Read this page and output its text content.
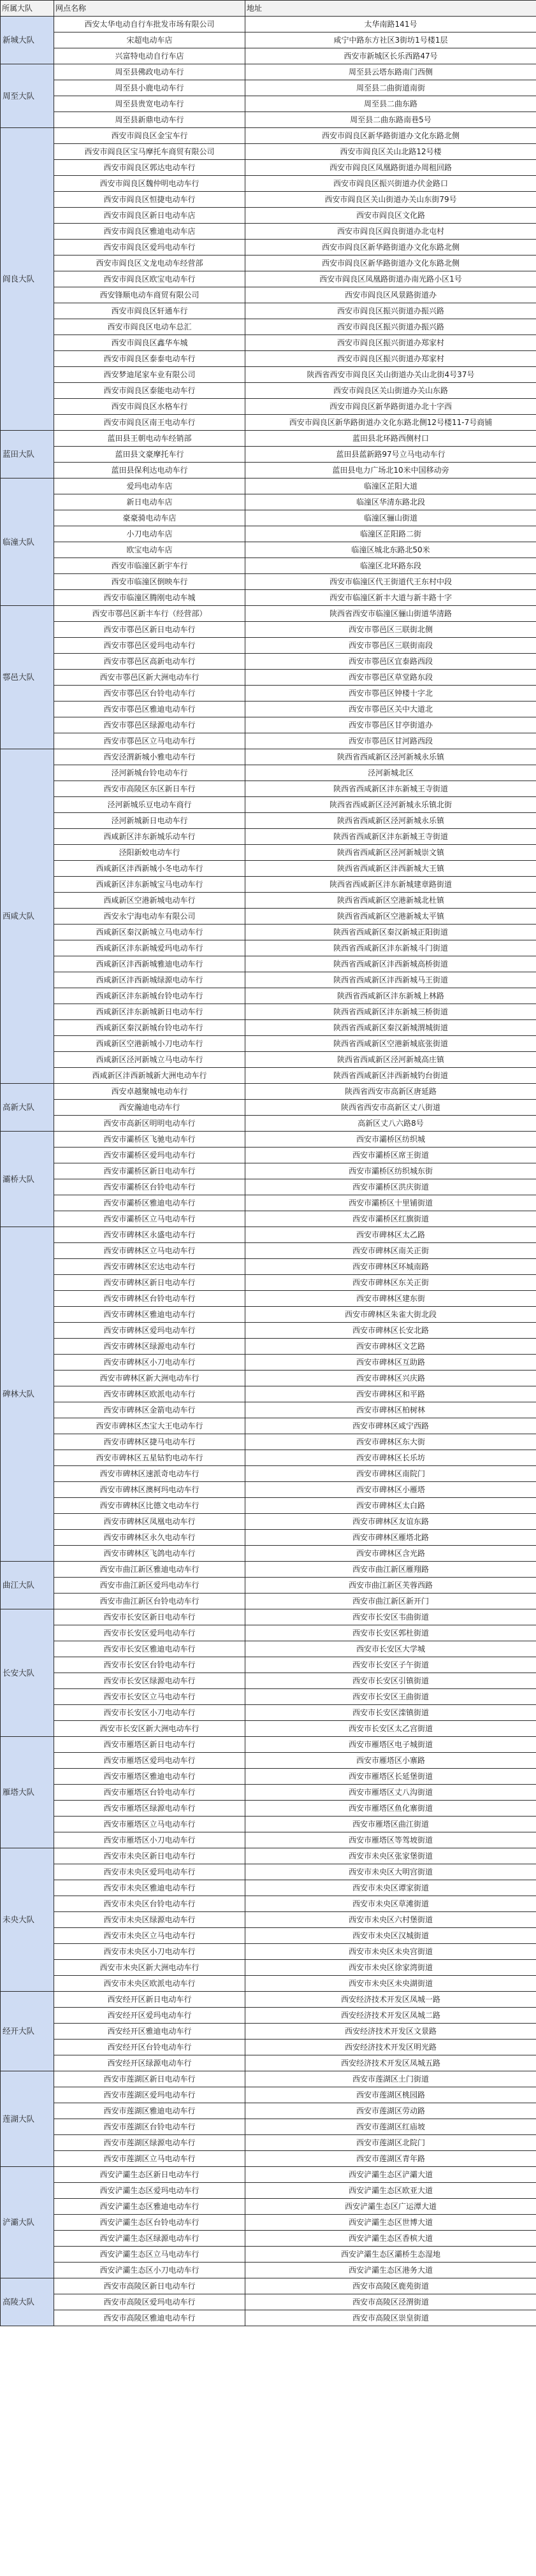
所属大队	网点名称	地址
新城大队	西安太华电动自行车批发市场有限公司	太华南路141号
	宋超电动车店	咸宁中路东方社区3街坊1号楼1层
	兴富特电动自行车店	西安市新城区长乐西路47号
周至大队	周至县佛政电动车行	周至县云塔东路南门西侧
	周至县小鹿电动车行	周至县二曲街道南街
	周至县贵宽电动车行	周至县二曲东路
	周至县新鼎电动车行	周至县二曲东路南巷5号
阎良大队	西安市阎良区金宝车行	西安市阎良区新华路街道办文化东路北侧
	西安市阎良区宝马摩托车商贸有限公司	西安市阎良区关山北路12号楼
	西安市阎良区郭达电动车行	西安市阎良区凤凰路街道办周租回路
	西安市阎良区魏仲明电动车行	西安市阎良区振兴街道办伏金路口
	西安市阎良区恒捷电动车行	西安市阎良区关山街道办关山东街79号
	西安市阎良区新日电动车店	西安市阎良区文化路
	西安市阎良区雅迪电动车店	西安市阎良区阎良街道办北屯村
	西安市阎良区爱玛电动车行	西安市阎良区新华路街道办文化东路北侧
	西安市阎良区文龙电动车经营部	西安市阎良区新华路街道办文化东路北侧
	西安市阎良区欧宝电动车行	西安市阎良区凤凰路街道办南光路小区1号
	西安锋顺电动车商贸有限公司	西安市阎良区风景路街道办
	西安市阎良区轩通车行	西安市阎良区振兴街道办振兴路
	西安市阎良区电动车总汇	西安市阎良区振兴街道办振兴路
	西安市阎良区鑫华车城	西安市阎良区振兴街道办郑家村
	西安市阎良区泰泰电动车行	西安市阎良区振兴街道办郑家村
	西安梦迪尾家车业有限公司	陕西省西安市阎良区关山街道办关山北街4号37号
	西安市阎良区泰能电动车行	西安市阎良区关山街道办关山东路
	西安市阎良区水格车行	西安市阎良区新华路街道办北十字西
	西安市阎良区南王电动车行	西安市阎良区新华路街道办文化东路北侧12号楼11-7号商铺
蓝田大队	蓝田县王朝电动车经销部	蓝田县北环路西侧村口
	蓝田县文豪摩托车行	蓝田县蓝新路97号立马电动车行
	蓝田县保利达电动车行	蓝田县电力广场北10米中国移动旁
临潼大队	爱玛电动车店	临潼区芷阳大道
	新日电动车店	临潼区华清东路北段
	豪豪骑电动车店	临潼区骊山街道
	小刀电动车店	临潼区芷阳路二街
	欧宝电动车店	临潼区城北东路北50米
	西安市临潼区新宇车行	临潼区北环路东段
	西安市临潼区倒映车行	西安市临潼区代王街道代王东村中段
	西安市临潼区腾刚电动车城	西安市临潼区新丰大道与新丰路十字
鄠邑大队	西安市鄠邑区新丰车行（经营部）	陕西省西安市临潼区骊山街道华清路
	西安市鄠邑区新日电动车行	西安市鄠邑区三联街北侧
	西安市鄠邑区爱玛电动车行	西安市鄠邑区三联街南段
	西安市鄠邑区高新电动车行	西安市鄠邑区宜泰路西段
	西安市鄠邑区新大洲电动车行	西安市鄠邑区草堂路东段
	西安市鄠邑区台铃电动车行	西安市鄠邑区钟楼十字北
	西安市鄠邑区雅迪电动车行	西安市鄠邑区关中大道北
	西安市鄠邑区绿源电动车行	西安市鄠邑区甘亭街道办
	西安市鄠邑区立马电动车行	西安市鄠邑区甘河路西段
西咸大队	西安泾渭新城小雅电动车行	陕西省西咸新区泾河新城永乐镇
	泾河新城台铃电动车行	泾河新城北区
	西安市高陵区东区新日车行	陕西省西咸新区沣东新城王寺街道
	泾河新城乐豆电动车商行	陕西省西咸新区泾河新城永乐镇北街
	泾河新城新日电动车行	陕西省西咸新区泾河新城永乐镇
	西咸新区沣东新城乐动车行	陕西省西咸新区沣东新城王寺街道
	泾阳新蛟电动车行	陕西省西咸新区泾河新城崇文镇
	西咸新区沣西新城小冬电动车行	陕西省西咸新区沣西新城大王镇
	西咸新区沣东新城宝马电动车行	陕西省西咸新区沣东新城建章路街道
	西咸新区空港新城电动车行	陕西省西咸新区空港新城北杜镇
	西安永宁海电动车有限公司	陕西省西咸新区空港新城太平镇
	西咸新区秦汉新城立马电动车行	陕西省西咸新区秦汉新城正阳街道
	西咸新区沣东新城爱玛电动车行	陕西省西咸新区沣东新城斗门街道
	西咸新区沣西新城雅迪电动车行	陕西省西咸新区沣西新城高桥街道
	西咸新区沣西新城绿源电动车行	陕西省西咸新区沣西新城马王街道
	西咸新区沣东新城台铃电动车行	陕西省西咸新区沣东新城上林路
	西咸新区沣东新城新日电动车行	陕西省西咸新区沣东新城三桥街道
	西咸新区秦汉新城台铃电动车行	陕西省西咸新区秦汉新城渭城街道
	西咸新区空港新城小刀电动车行	陕西省西咸新区空港新城底张街道
	西咸新区泾河新城立马电动车行	陕西省西咸新区泾河新城高庄镇
	西咸新区沣西新城新大洲电动车行	陕西省西咸新区沣西新城钓台街道
高新大队	西安卓越聚城电动车行	陕西省西安市高新区唐延路
	西安瀚迪电动车行	陕西省西安市高新区丈八街道
	西安市高新区明明电动车行	高新区丈八六路8号
灞桥大队	西安市灞桥区飞驰电动车行	西安市灞桥区纺织城
	西安市灞桥区爱玛电动车行	西安市灞桥区席王街道
	西安市灞桥区新日电动车行	西安市灞桥区纺织城东街
	西安市灞桥区台铃电动车行	西安市灞桥区洪庆街道
	西安市灞桥区雅迪电动车行	西安市灞桥区十里铺街道
	西安市灞桥区立马电动车行	西安市灞桥区红旗街道
碑林大队	西安市碑林区永盛电动车行	西安市碑林区太乙路
	西安市碑林区立马电动车行	西安市碑林区南关正街
	西安市碑林区宏达电动车行	西安市碑林区环城南路
	西安市碑林区新日电动车行	西安市碑林区东关正街
	西安市碑林区台铃电动车行	西安市碑林区建东街
	西安市碑林区雅迪电动车行	西安市碑林区朱雀大街北段
	西安市碑林区爱玛电动车行	西安市碑林区长安北路
	西安市碑林区绿源电动车行	西安市碑林区文艺路
	西安市碑林区小刀电动车行	西安市碑林区互助路
	西安市碑林区新大洲电动车行	西安市碑林区兴庆路
	西安市碑林区欧派电动车行	西安市碑林区和平路
	西安市碑林区金箭电动车行	西安市碑林区柏树林
	西安市碑林区杰宝大王电动车行	西安市碑林区咸宁西路
	西安市碑林区捷马电动车行	西安市碑林区东大街
	西安市碑林区五星钻豹电动车行	西安市碑林区长乐坊
	西安市碑林区速派奇电动车行	西安市碑林区南院门
	西安市碑林区澳柯玛电动车行	西安市碑林区小雁塔
	西安市碑林区比德文电动车行	西安市碑林区太白路
	西安市碑林区凤凰电动车行	西安市碑林区友谊东路
	西安市碑林区永久电动车行	西安市碑林区雁塔北路
	西安市碑林区飞鸽电动车行	西安市碑林区含光路
曲江大队	西安市曲江新区雅迪电动车行	西安市曲江新区雁翔路
	西安市曲江新区爱玛电动车行	西安市曲江新区芙蓉西路
	西安市曲江新区台铃电动车行	西安市曲江新区新开门
长安大队	西安市长安区新日电动车行	西安市长安区韦曲街道
	西安市长安区爱玛电动车行	西安市长安区郭杜街道
	西安市长安区雅迪电动车行	西安市长安区大学城
	西安市长安区台铃电动车行	西安市长安区子午街道
	西安市长安区绿源电动车行	西安市长安区引镇街道
	西安市长安区立马电动车行	西安市长安区王曲街道
	西安市长安区小刀电动车行	西安市长安区滦镇街道
	西安市长安区新大洲电动车行	西安市长安区太乙宫街道
雁塔大队	西安市雁塔区新日电动车行	西安市雁塔区电子城街道
	西安市雁塔区爱玛电动车行	西安市雁塔区小寨路
	西安市雁塔区雅迪电动车行	西安市雁塔区长延堡街道
	西安市雁塔区台铃电动车行	西安市雁塔区丈八沟街道
	西安市雁塔区绿源电动车行	西安市雁塔区鱼化寨街道
	西安市雁塔区立马电动车行	西安市雁塔区曲江街道
	西安市雁塔区小刀电动车行	西安市雁塔区等驾坡街道
未央大队	西安市未央区新日电动车行	西安市未央区张家堡街道
	西安市未央区爱玛电动车行	西安市未央区大明宫街道
	西安市未央区雅迪电动车行	西安市未央区谭家街道
	西安市未央区台铃电动车行	西安市未央区草滩街道
	西安市未央区绿源电动车行	西安市未央区六村堡街道
	西安市未央区立马电动车行	西安市未央区汉城街道
	西安市未央区小刀电动车行	西安市未央区未央宫街道
	西安市未央区新大洲电动车行	西安市未央区徐家湾街道
	西安市未央区欧派电动车行	西安市未央区未央湖街道
经开大队	西安经开区新日电动车行	西安经济技术开发区凤城一路
	西安经开区爱玛电动车行	西安经济技术开发区凤城二路
	西安经开区雅迪电动车行	西安经济技术开发区文景路
	西安经开区台铃电动车行	西安经济技术开发区明光路
	西安经开区绿源电动车行	西安经济技术开发区凤城五路
莲湖大队	西安市莲湖区新日电动车行	西安市莲湖区土门街道
	西安市莲湖区爱玛电动车行	西安市莲湖区桃园路
	西安市莲湖区雅迪电动车行	西安市莲湖区劳动路
	西安市莲湖区台铃电动车行	西安市莲湖区红庙坡
	西安市莲湖区绿源电动车行	西安市莲湖区北院门
	西安市莲湖区立马电动车行	西安市莲湖区青年路
浐灞大队	西安浐灞生态区新日电动车行	西安浐灞生态区浐灞大道
	西安浐灞生态区爱玛电动车行	西安浐灞生态区欧亚大道
	西安浐灞生态区雅迪电动车行	西安浐灞生态区广运潭大道
	西安浐灞生态区台铃电动车行	西安浐灞生态区世博大道
	西安浐灞生态区绿源电动车行	西安浐灞生态区香槟大道
	西安浐灞生态区立马电动车行	西安浐灞生态区灞桥生态湿地
	西安浐灞生态区小刀电动车行	西安浐灞生态区港务大道
高陵大队	西安市高陵区新日电动车行	西安市高陵区鹿苑街道
	西安市高陵区爱玛电动车行	西安市高陵区泾渭街道
	西安市高陵区雅迪电动车行	西安市高陵区崇皇街道
